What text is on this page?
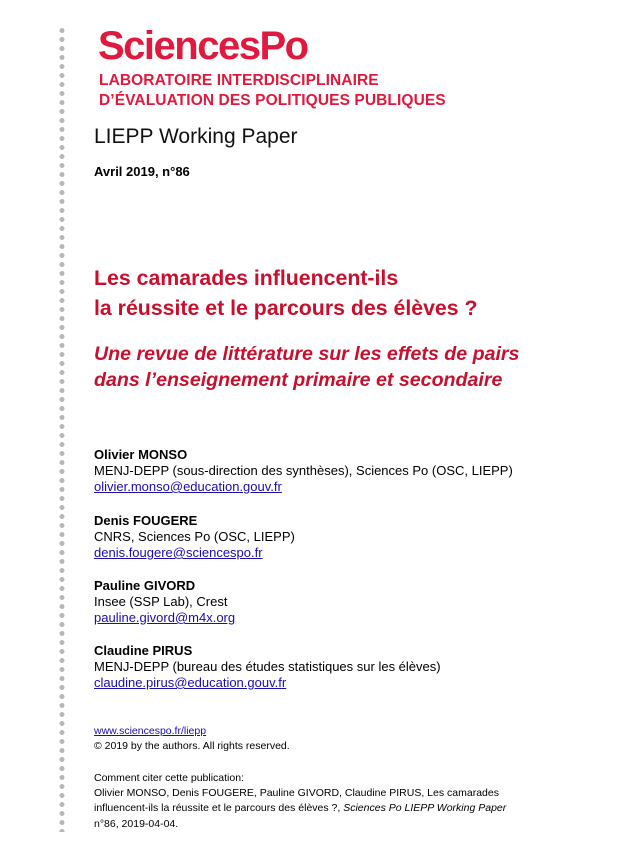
SciencesPo
LABORATOIRE INTERDISCIPLINAIRE
D’ÉVALUATION DES POLITIQUES PUBLIQUES
LIEPP Working Paper
Avril 2019, n°86
Les camarades influencent-ils
la réussite et le parcours des élèves ?
Une revue de littérature sur les effets de pairs
dans l’enseignement primaire et secondaire
Olivier MONSO
MENJ-DEPP (sous-direction des synthèses), Sciences Po (OSC, LIEPP)
olivier.monso@education.gouv.fr
Denis FOUGERE
CNRS, Sciences Po (OSC, LIEPP)
denis.fougere@sciencespo.fr
Pauline GIVORD
Insee (SSP Lab), Crest
pauline.givord@m4x.org
Claudine PIRUS
MENJ-DEPP (bureau des études statistiques sur les élèves)
claudine.pirus@education.gouv.fr
www.sciencespo.fr/liepp
© 2019 by the authors. All rights reserved.
Comment citer cette publication:
Olivier MONSO, Denis FOUGERE, Pauline GIVORD, Claudine PIRUS, Les camarades
influencent-ils la réussite et le parcours des élèves ?, Sciences Po LIEPP Working Paper
n°86, 2019-04-04.
